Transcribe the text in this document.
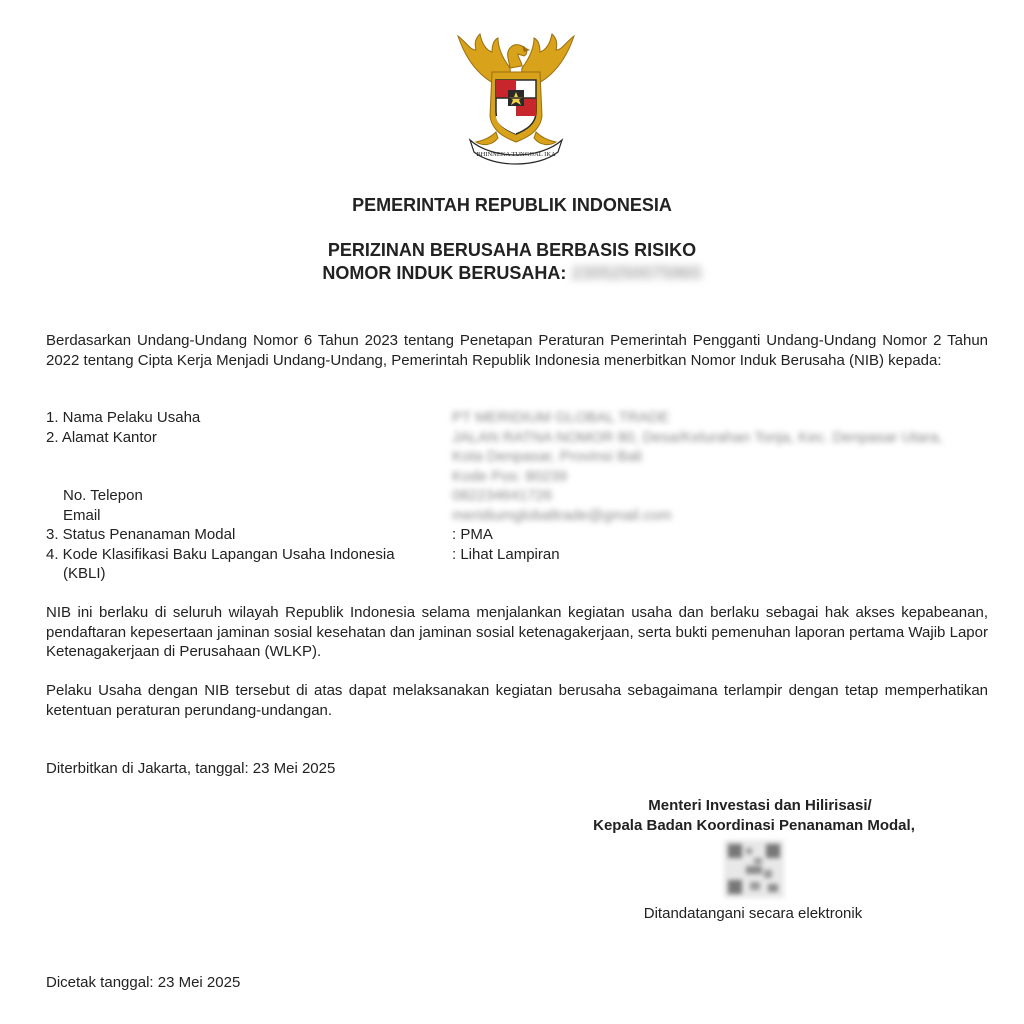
BHINNEKA TUNGGAL IKA
PEMERINTAH REPUBLIK INDONESIA
PERIZINAN BERUSAHA BERBASIS RISIKO
NOMOR INDUK BERUSAHA: 2305250075965
Berdasarkan Undang-Undang Nomor 6 Tahun 2023 tentang Penetapan Peraturan Pemerintah Pengganti Undang-Undang Nomor 2 Tahun 2022 tentang Cipta Kerja Menjadi Undang-Undang, Pemerintah Republik Indonesia menerbitkan Nomor Induk Berusaha (NIB) kepada:
1. Nama Pelaku Usaha	PT MERIDIUM GLOBAL TRADE
2. Alamat Kantor	JALAN RATNA NOMOR 80, Desa/Kelurahan Tonja, Kec. Denpasar Utara,
Kota Denpasar, Provinsi Bali
Kode Pos: 80239
No. Telepon	082234641726
Email	meridiumglobaltrade@gmail.com
3. Status Penanaman Modal	: PMA
4. Kode Klasifikasi Baku Lapangan Usaha Indonesia	: Lihat Lampiran
(KBLI)
NIB ini berlaku di seluruh wilayah Republik Indonesia selama menjalankan kegiatan usaha dan berlaku sebagai hak akses kepabeanan, pendaftaran kepesertaan jaminan sosial kesehatan dan jaminan sosial ketenagakerjaan, serta bukti pemenuhan laporan pertama Wajib Lapor Ketenagakerjaan di Perusahaan (WLKP).
Pelaku Usaha dengan NIB tersebut di atas dapat melaksanakan kegiatan berusaha sebagaimana terlampir dengan tetap memperhatikan ketentuan peraturan perundang-undangan.
Diterbitkan di Jakarta, tanggal: 23 Mei 2025
Menteri Investasi dan Hilirisasi/
Kepala Badan Koordinasi Penanaman Modal,
Ditandatangani secara elektronik
Dicetak tanggal: 23 Mei 2025
